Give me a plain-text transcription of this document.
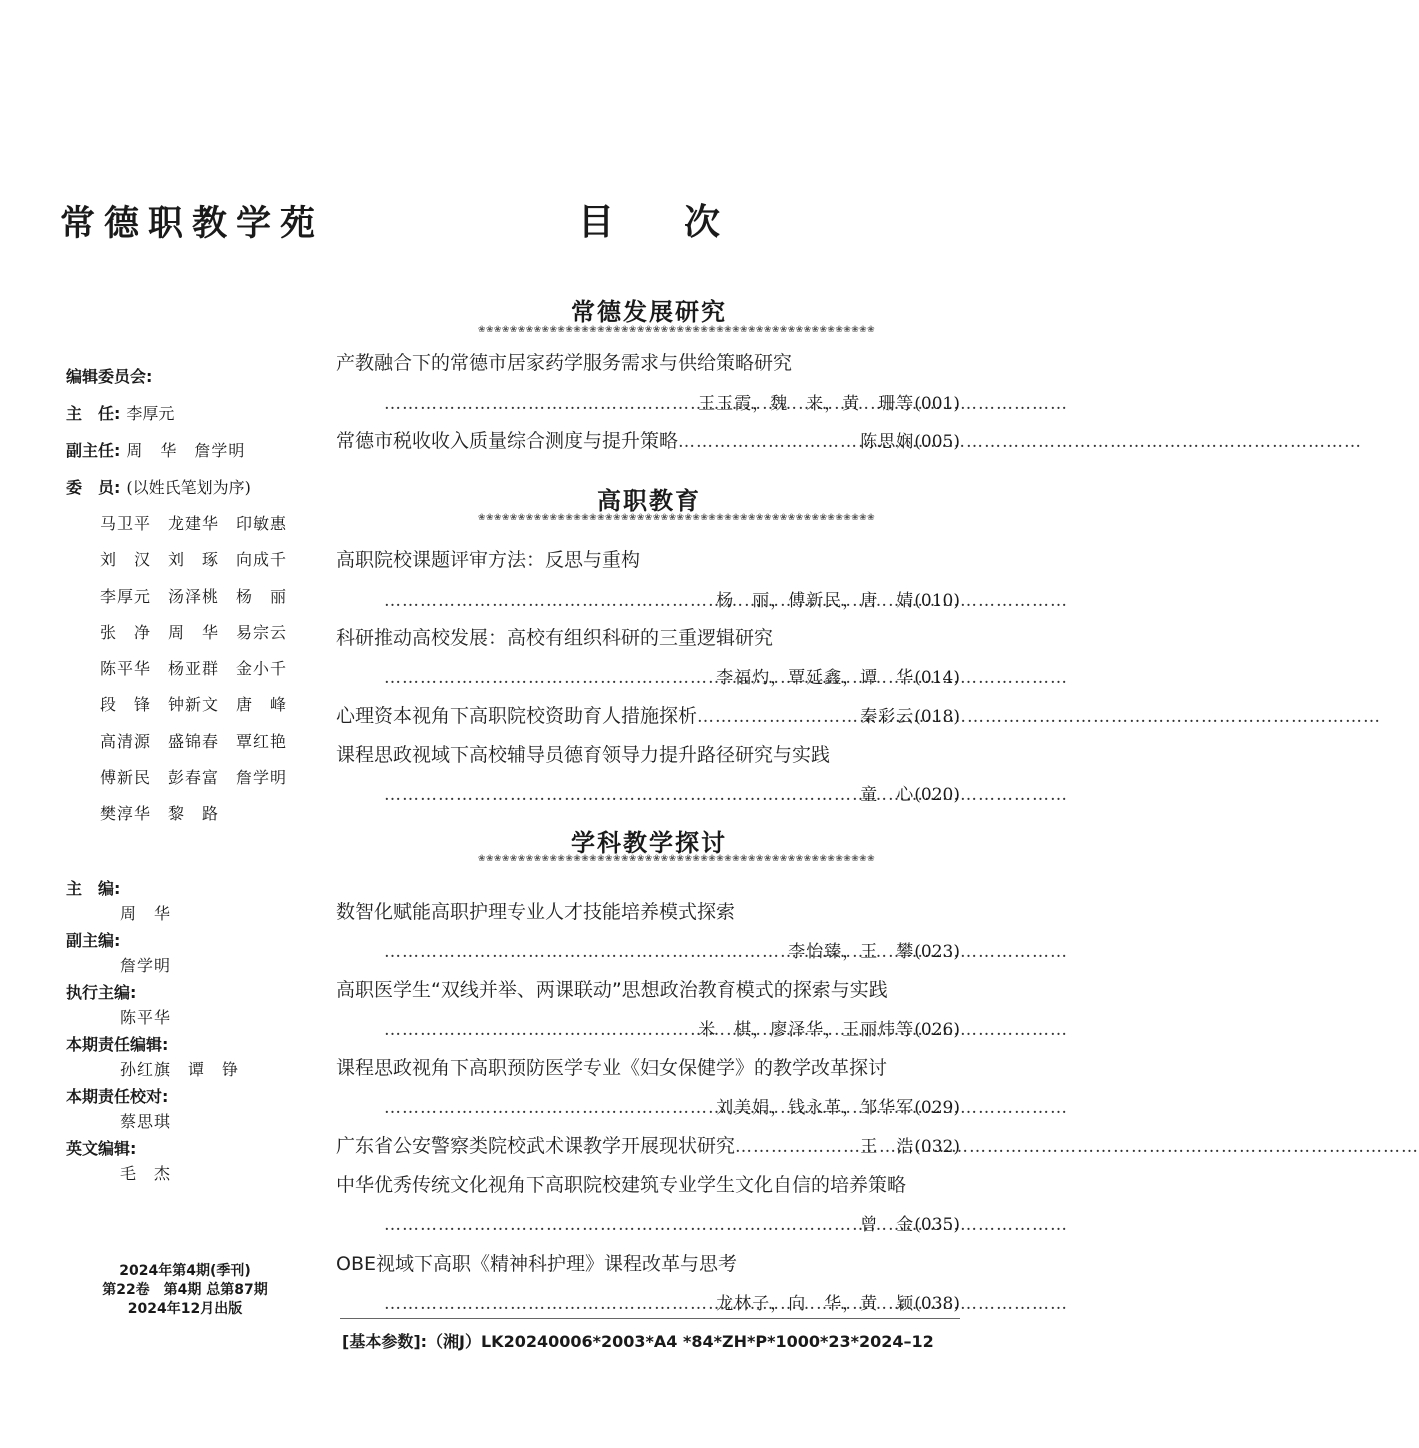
常德职教学苑	目 次
编辑委员会:
主　任: 李厚元
副主任: 周　华　詹学明
委　员: (以姓氏笔划为序)
马卫平　龙建华　印敏惠
刘　汉　刘　琢　向成千
李厚元　汤泽桃　杨　丽
张　净　周　华　易宗云
陈平华　杨亚群　金小千
段　锋　钟新文　唐　峰
高清源　盛锦春　覃红艳
傅新民　彭春富　詹学明
樊淳华　黎　路
主　编:
周　华
副主编:
詹学明
执行主编:
陈平华
本期责任编辑:
孙红旗　谭　铮
本期责任校对:
蔡思琪
英文编辑:
毛　杰
2024年第4期(季刊)
第22卷　第4期 总第87期
2024年12月出版
常德发展研究
❀❀❀❀❀❀❀❀❀❀❀❀❀❀❀❀❀❀❀❀❀❀❀❀❀❀❀❀❀❀❀❀❀❀❀❀❀❀❀❀❀❀❀❀❀❀❀❀❀❀
产教融合下的常德市居家药学服务需求与供给策略研究
……………………………………………………………………………………………………
王玉霞，魏　来，黄　珊等 (001)
常德市税收收入质量综合测度与提升策略 ……………………………………………………………………………………………………	陈思娴 (005)
高职教育
❀❀❀❀❀❀❀❀❀❀❀❀❀❀❀❀❀❀❀❀❀❀❀❀❀❀❀❀❀❀❀❀❀❀❀❀❀❀❀❀❀❀❀❀❀❀❀❀❀❀
高职院校课题评审方法：反思与重构
……………………………………………………………………………………………………
杨　丽，傅新民，唐　婧 (010)
科研推动高校发展：高校有组织科研的三重逻辑研究
……………………………………………………………………………………………………
李福灼，覃延鑫，谭　华 (014)
心理资本视角下高职院校资助育人措施探析 ……………………………………………………………………………………………………	秦彩云 (018)
课程思政视域下高校辅导员德育领导力提升路径研究与实践
……………………………………………………………………………………………………
童　心 (020)
学科教学探讨
❀❀❀❀❀❀❀❀❀❀❀❀❀❀❀❀❀❀❀❀❀❀❀❀❀❀❀❀❀❀❀❀❀❀❀❀❀❀❀❀❀❀❀❀❀❀❀❀❀❀
数智化赋能高职护理专业人才技能培养模式探索
……………………………………………………………………………………………………
李怡臻，王　攀 (023)
高职医学生“双线并举、两课联动”思想政治教育模式的探索与实践
……………………………………………………………………………………………………
米　棋，廖泽华，王丽炜等 (026)
课程思政视角下高职预防医学专业《妇女保健学》的教学改革探讨
……………………………………………………………………………………………………
刘美娟，钱永革，邹华军 (029)
广东省公安警察类院校武术课教学开展现状研究 ……………………………………………………………………………………………………	王　浩 (032)
中华优秀传统文化视角下高职院校建筑专业学生文化自信的培养策略
……………………………………………………………………………………………………
曾　金 (035)
OBE视域下高职《精神科护理》课程改革与思考
……………………………………………………………………………………………………
龙林子，向　华，黄　颖 (038)
[基本参数]:（湘J）LK20240006*2003*A4 *84*ZH*P*1000*23*2024–12
